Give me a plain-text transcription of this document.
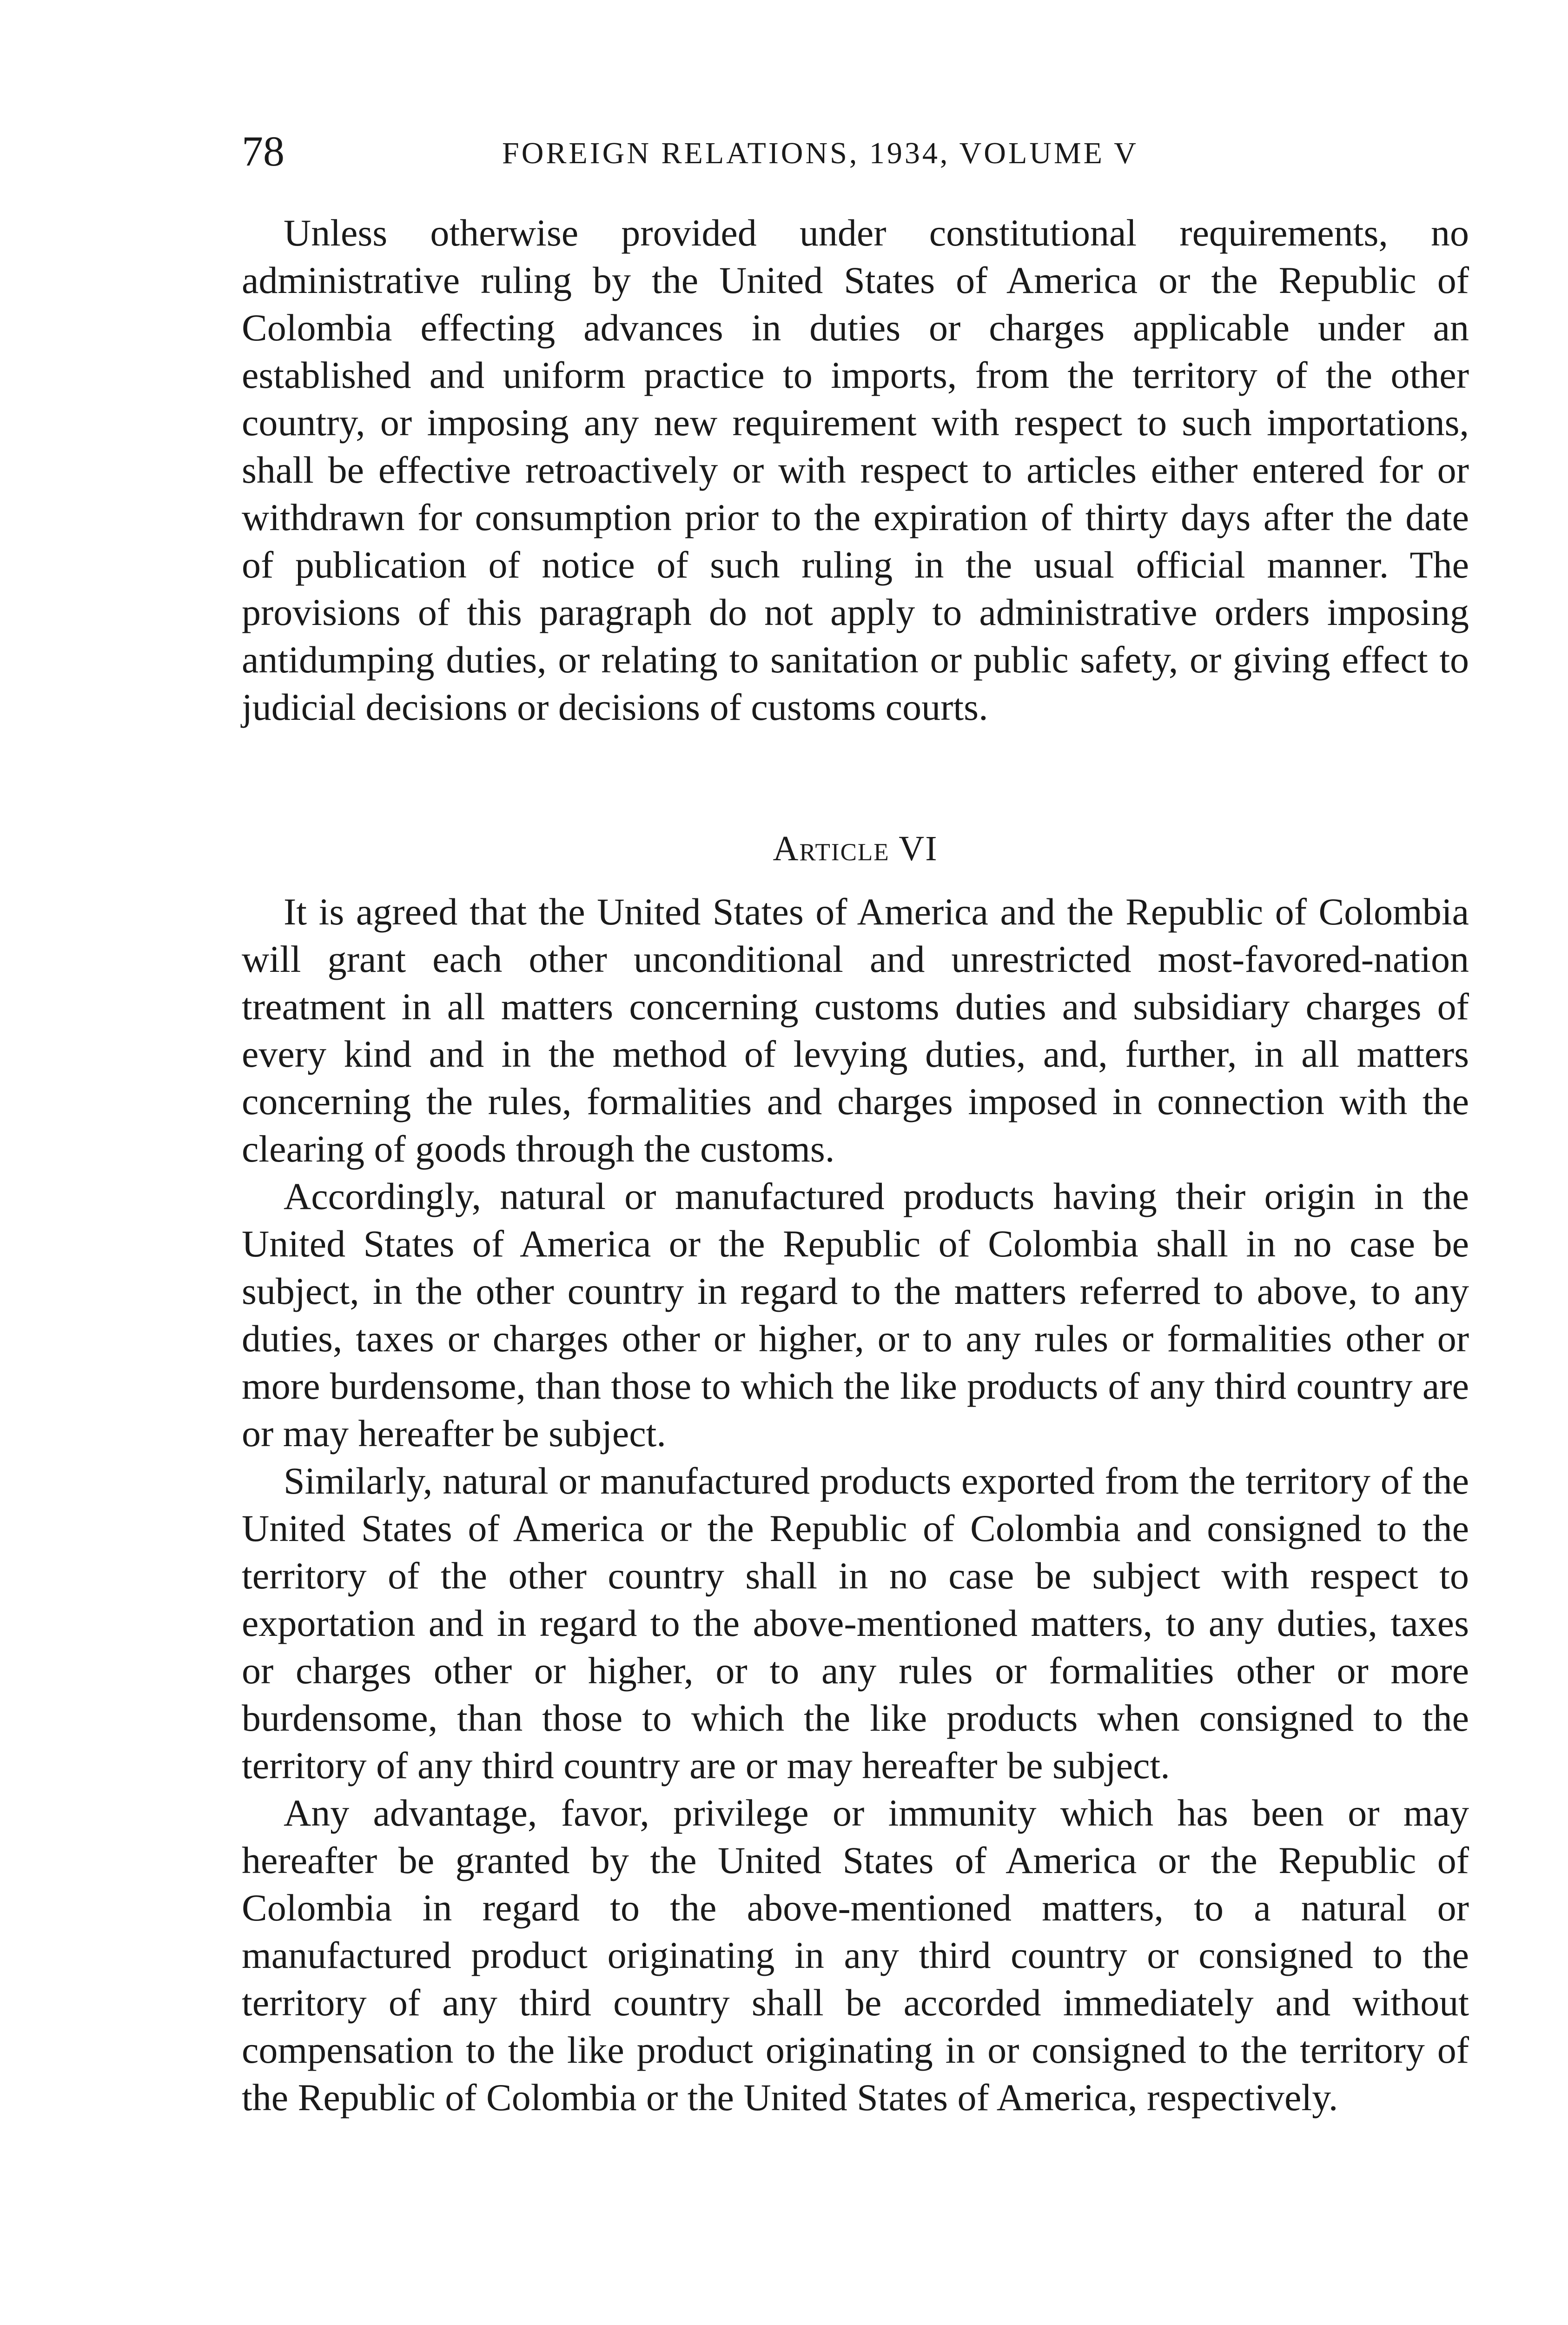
78	FOREIGN RELATIONS, 1934, VOLUME V

Unless otherwise provided under constitutional requirements, no administrative ruling by the United States of America or the Republic of Colombia effecting advances in duties or charges applicable under an established and uniform practice to imports, from the territory of the other country, or imposing any new requirement with respect to such importations, shall be effective retroactively or with respect to articles either entered for or withdrawn for consumption prior to the expiration of thirty days after the date of publication of notice of such ruling in the usual official manner. The provisions of this paragraph do not apply to administrative orders imposing antidumping duties, or relating to sanitation or public safety, or giving effect to judicial decisions or decisions of customs courts.

Article VI

It is agreed that the United States of America and the Republic of Colombia will grant each other unconditional and unrestricted most-favored-nation treatment in all matters concerning customs duties and subsidiary charges of every kind and in the method of levying duties, and, further, in all matters concerning the rules, formalities and charges imposed in connection with the clearing of goods through the customs.

Accordingly, natural or manufactured products having their origin in the United States of America or the Republic of Colombia shall in no case be subject, in the other country in regard to the matters referred to above, to any duties, taxes or charges other or higher, or to any rules or formalities other or more burdensome, than those to which the like products of any third country are or may hereafter be subject.

Similarly, natural or manufactured products exported from the territory of the United States of America or the Republic of Colombia and consigned to the territory of the other country shall in no case be subject with respect to exportation and in regard to the above-mentioned matters, to any duties, taxes or charges other or higher, or to any rules or formalities other or more burdensome, than those to which the like products when consigned to the territory of any third country are or may hereafter be subject.

Any advantage, favor, privilege or immunity which has been or may hereafter be granted by the United States of America or the Republic of Colombia in regard to the above-mentioned matters, to a natural or manufactured product originating in any third country or consigned to the territory of any third country shall be accorded immediately and without compensation to the like product originating in or consigned to the territory of the Republic of Colombia or the United States of America, respectively.
